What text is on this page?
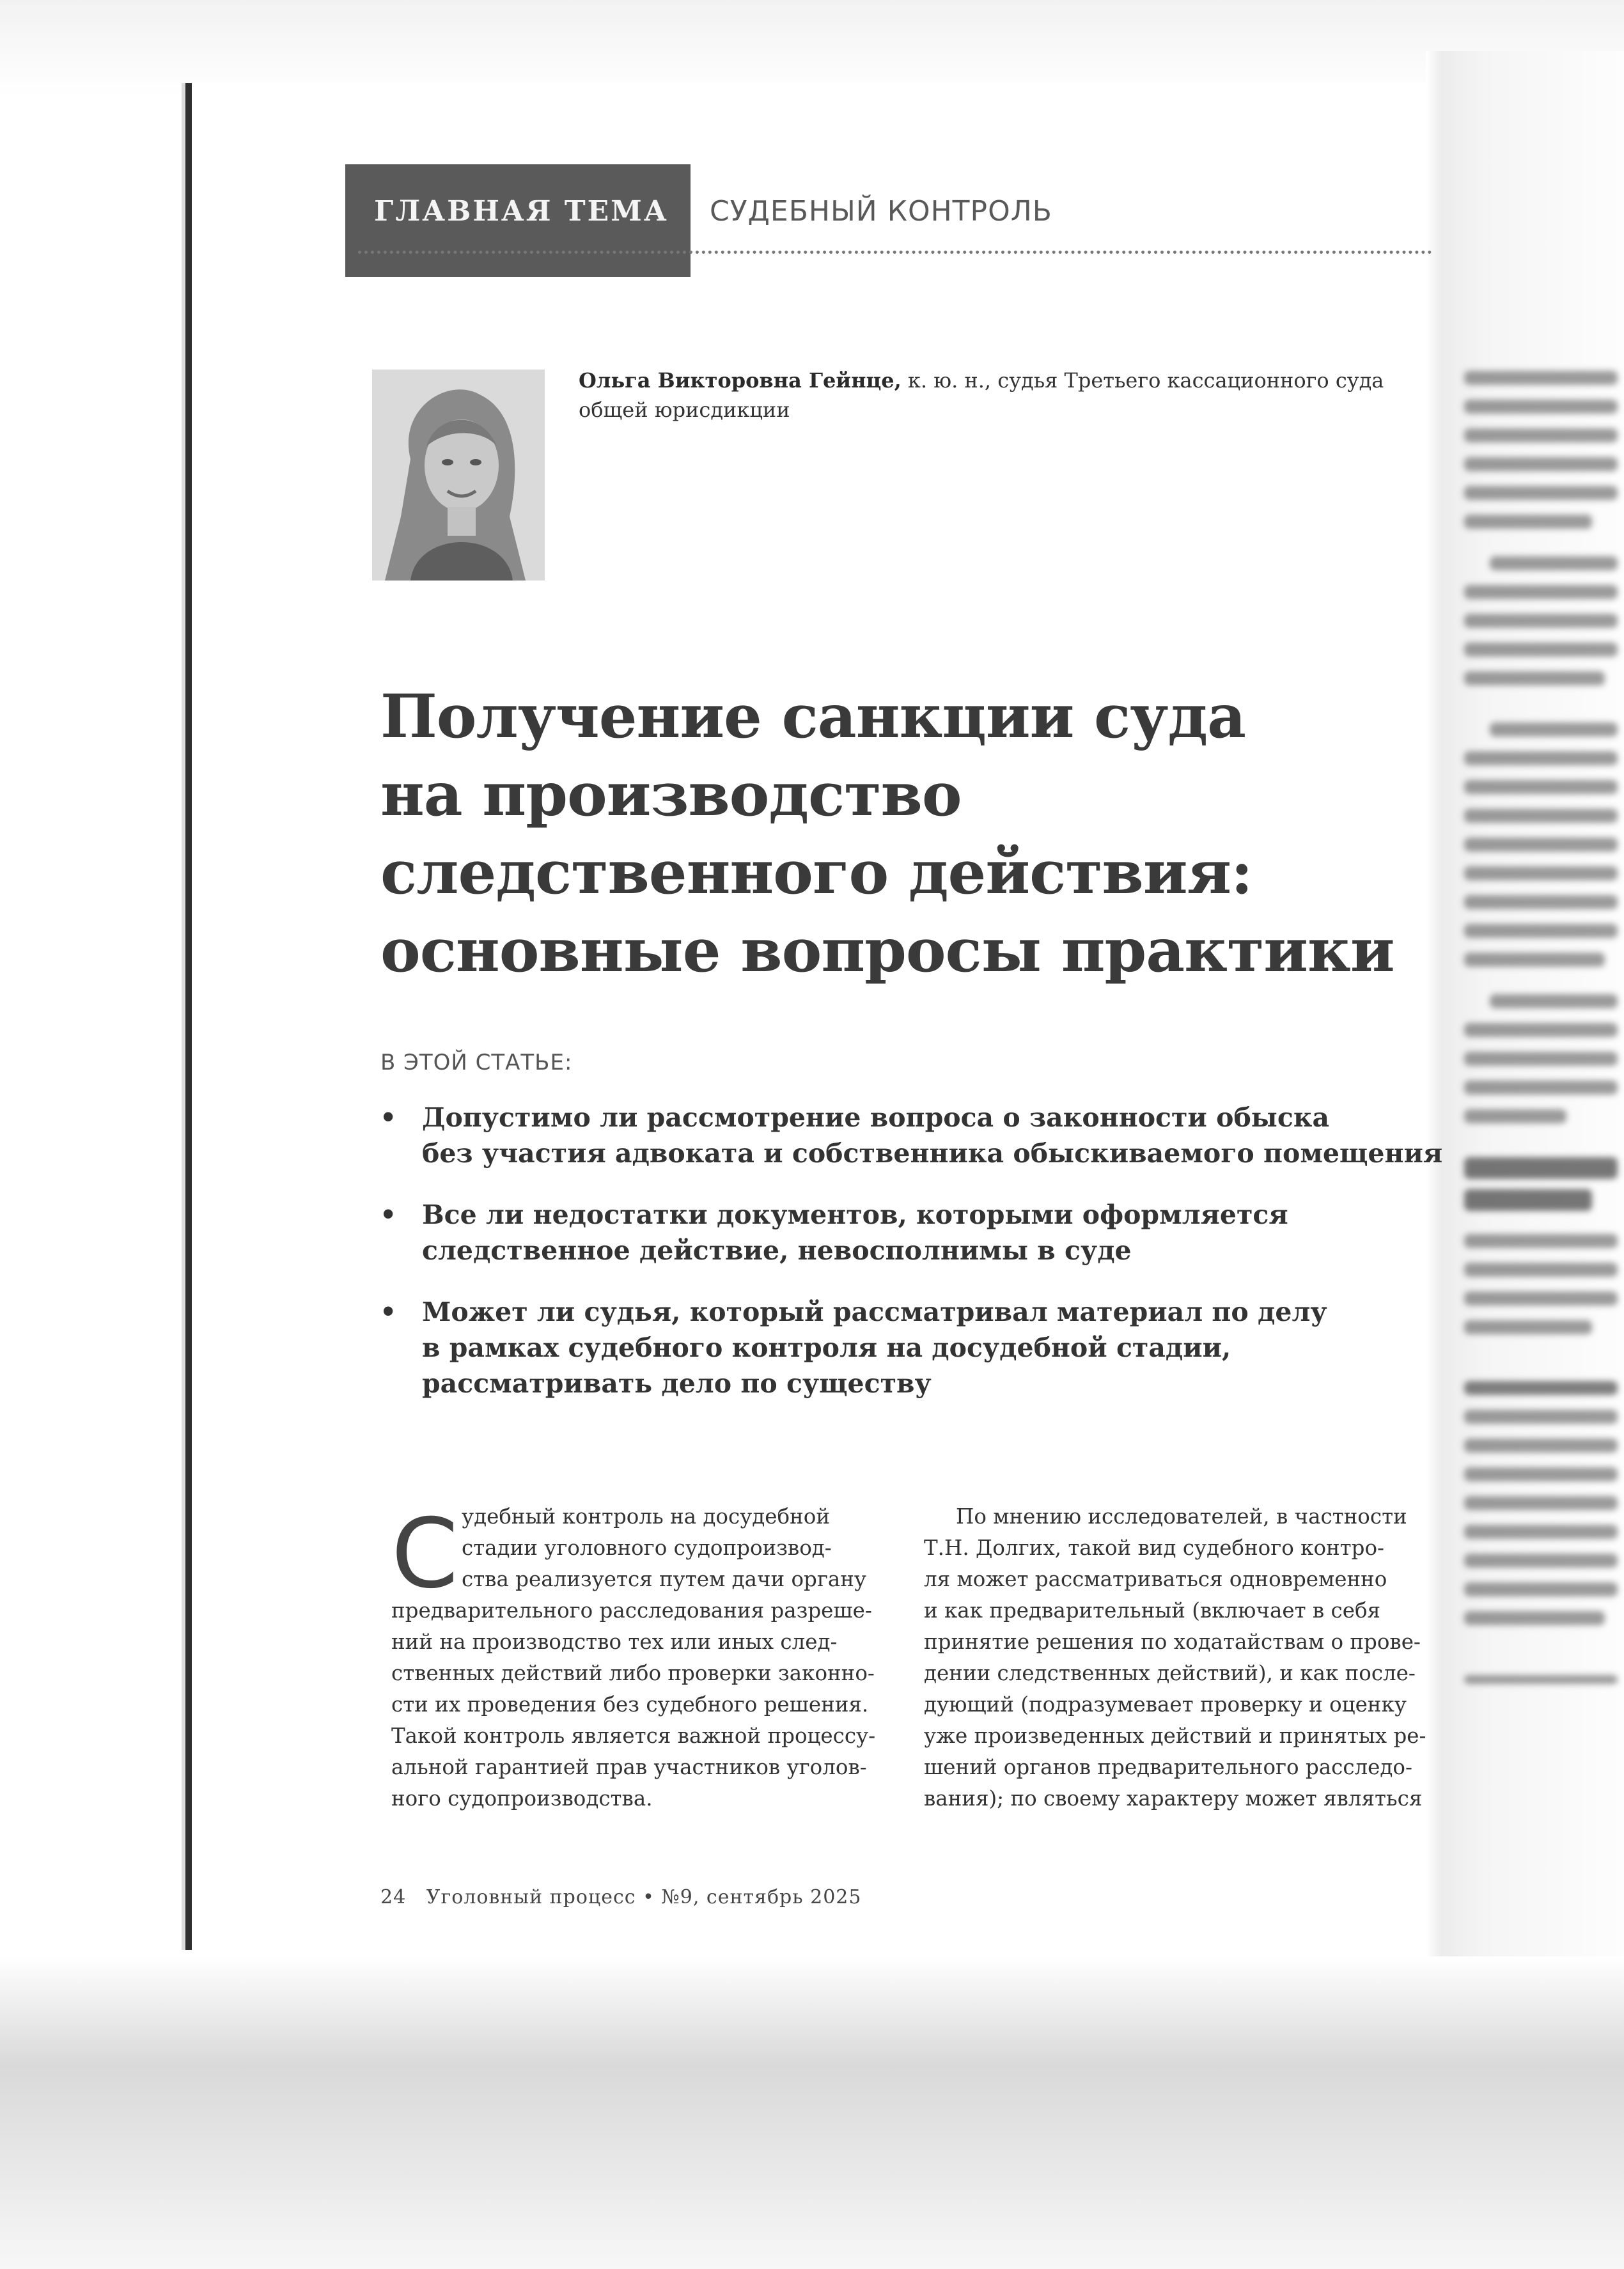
ГЛАВНАЯ ТЕМА СУДЕБНЫЙ КОНТРОЛЬ
Ольга Викторовна Гейнце, к. ю. н., судья Третьего кассационного суда
общей юрисдикции
Получение санкции суда
на производство
следственного действия:
основные вопросы практики
В ЭТОЙ СТАТЬЕ:
• Допустимо ли рассмотрение вопроса о законности обыска
без участия адвоката и собственника обыскиваемого помещения
• Все ли недостатки документов, которыми оформляется
следственное действие, невосполнимы в суде
• Может ли судья, который рассматривал материал по делу
в рамках судебного контроля на досудебной стадии,
рассматривать дело по существу
С удебный контроль на досудебной
стадии уголовного судопроизвод-
ства реализуется путем дачи органу
предварительного расследования разреше-
ний на производство тех или иных след-
ственных действий либо проверки законно-
сти их проведения без судебного решения.
Такой контроль является важной процессу-
альной гарантией прав участников уголов-
ного судопроизводства.
По мнению исследователей, в частности
Т.Н. Долгих, такой вид судебного контро-
ля может рассматриваться одновременно
и как предварительный (включает в себя
принятие решения по ходатайствам о прове-
дении следственных действий), и как после-
дующий (подразумевает проверку и оценку
уже произведенных действий и принятых ре-
шений органов предварительного расследо-
вания); по своему характеру может являться
24 Уголовный процесс • №9, сентябрь 2025
